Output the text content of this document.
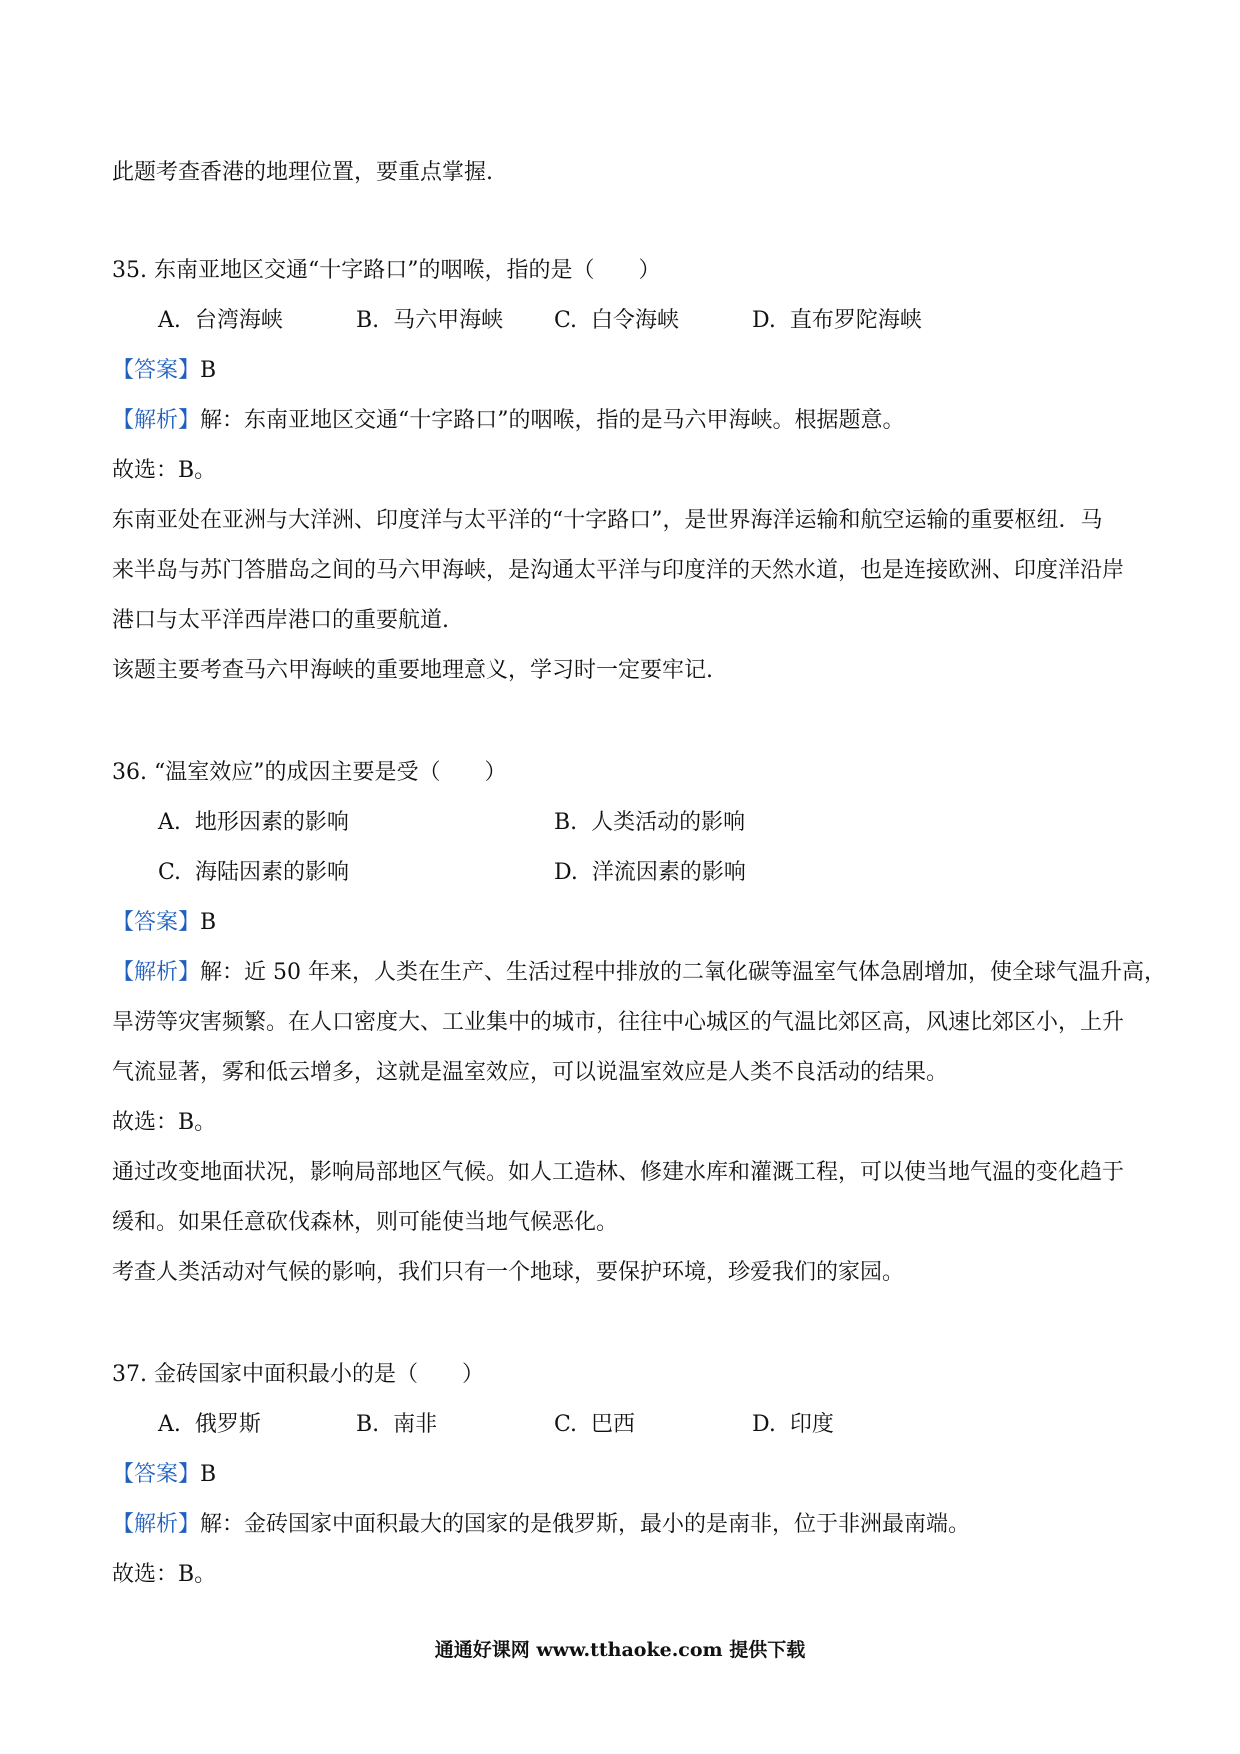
此题考查香港的地理位置，要重点掌握.
35. 东南亚地区交通“十字路口”的咽喉，指的是（　　）
A. 台湾海峡	B. 马六甲海峡 C. 白令海峡	D. 直布罗陀海峡
【答案】B
【解析】解：东南亚地区交通“十字路口”的咽喉，指的是马六甲海峡。根据题意。
故选：B。
东南亚处在亚洲与大洋洲、印度洋与太平洋的“十字路口”，是世界海洋运输和航空运输的重要枢纽．马
来半岛与苏门答腊岛之间的马六甲海峡，是沟通太平洋与印度洋的天然水道，也是连接欧洲、印度洋沿岸
港口与太平洋西岸港口的重要航道.
该题主要考查马六甲海峡的重要地理意义，学习时一定要牢记.
36. “温室效应”的成因主要是受（　　）
A. 地形因素的影响	B. 人类活动的影响
C. 海陆因素的影响	D. 洋流因素的影响
【答案】B
【解析】解：近 50 年来，人类在生产、生活过程中排放的二氧化碳等温室气体急剧增加，使全球气温升高，
旱涝等灾害频繁。在人口密度大、工业集中的城市，往往中心城区的气温比郊区高，风速比郊区小，上升
气流显著，雾和低云增多，这就是温室效应，可以说温室效应是人类不良活动的结果。
故选：B。
通过改变地面状况，影响局部地区气候。如人工造林、修建水库和灌溉工程，可以使当地气温的变化趋于
缓和。如果任意砍伐森林，则可能使当地气候恶化。
考查人类活动对气候的影响，我们只有一个地球，要保护环境，珍爱我们的家园。
37. 金砖国家中面积最小的是（　　）
A. 俄罗斯	B. 南非	C. 巴西	D. 印度
【答案】B
【解析】解：金砖国家中面积最大的国家的是俄罗斯，最小的是南非，位于非洲最南端。
故选：B。
通通好课网 www.tthaoke.com 提供下载
